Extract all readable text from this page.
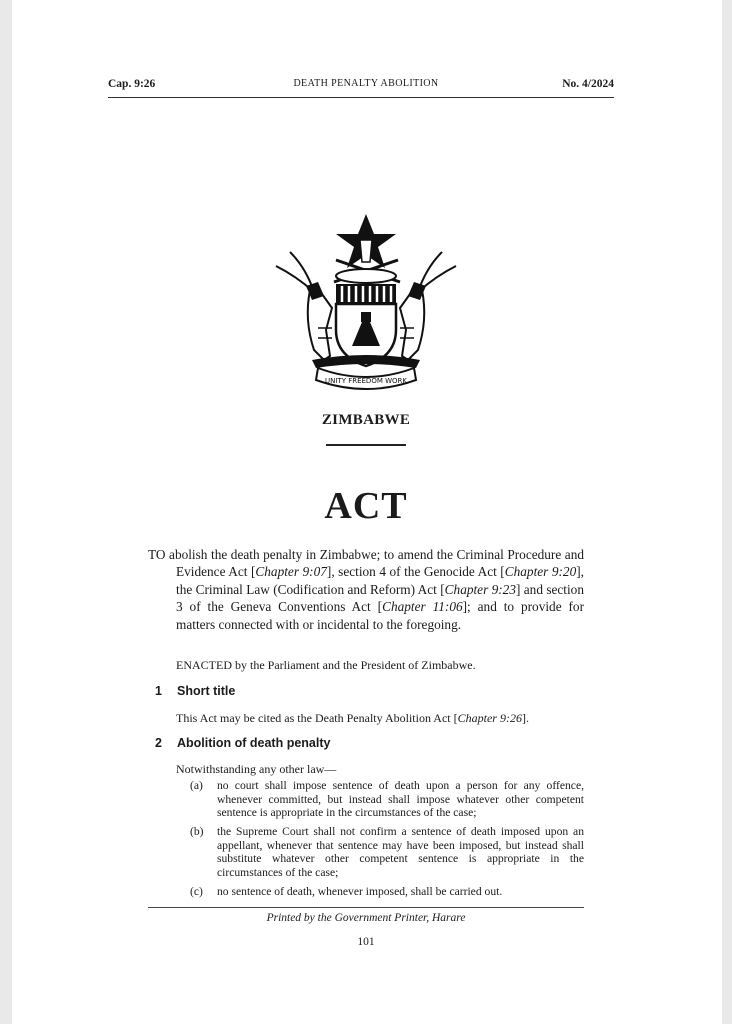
Cap. 9:26	DEATH PENALTY ABOLITION	No. 4/2024
UNITY FREEDOM WORK
ZIMBABWE
ACT
TO abolish the death penalty in Zimbabwe; to amend the Criminal Procedure and Evidence Act [Chapter 9:07], section 4 of the Genocide Act [Chapter 9:20], the Criminal Law (Codification and Reform) Act [Chapter 9:23] and section 3 of the Geneva Conventions Act [Chapter 11:06]; and to provide for matters connected with or incidental to the foregoing.
ENACTED by the Parliament and the President of Zimbabwe.
1 Short title
This Act may be cited as the Death Penalty Abolition Act [Chapter 9:26].
2 Abolition of death penalty
Notwithstanding any other law—
(a) no court shall impose sentence of death upon a person for any offence, whenever committed, but instead shall impose whatever other competent sentence is appropriate in the circumstances of the case;
(b) the Supreme Court shall not confirm a sentence of death imposed upon an appellant, whenever that sentence may have been imposed, but instead shall substitute whatever other competent sentence is appropriate in the circumstances of the case;
(c) no sentence of death, whenever imposed, shall be carried out.
Printed by the Government Printer, Harare
101
